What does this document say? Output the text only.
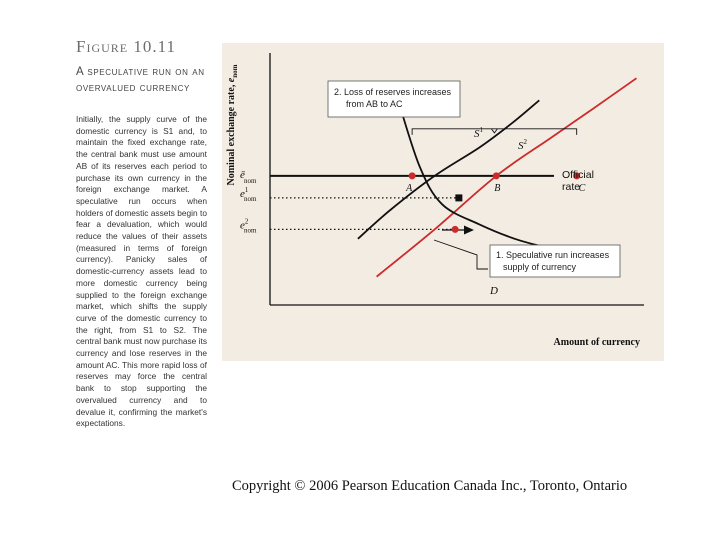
Figure 10.11
A speculative run on an overvalued currency
Initially, the supply curve of the domestic currency is S1 and, to maintain the fixed exchange rate, the central bank must use amount AB of its reserves each period to purchase its own currency in the foreign exchange market. A speculative run occurs when holders of domestic assets begin to fear a devaluation, which would reduce the values of their assets (measured in terms of foreign currency). Panicky sales of domestic-currency assets lead to more domestic currency being supplied to the foreign exchange market, which shifts the supply curve of the domestic currency to the right, from S1 to S2. The central bank must now purchase its currency and lose reserves in the amount AC. This more rapid loss of reserves may force the central bank to stop supporting the overvalued currency and to devalue it, confirming the market's expectations.
Nominal exchange rate, $e_{nom}$
Amount of currency
ēnom
$e^1$ nom
$e^2$ nom
A	B	C
$S^1$
$S^2$
D
Official
rate
2. Loss of reserves increases
from AB to AC
1. Speculative run increases
supply of currency
Copyright © 2006 Pearson Education Canada Inc., Toronto, Ontario
